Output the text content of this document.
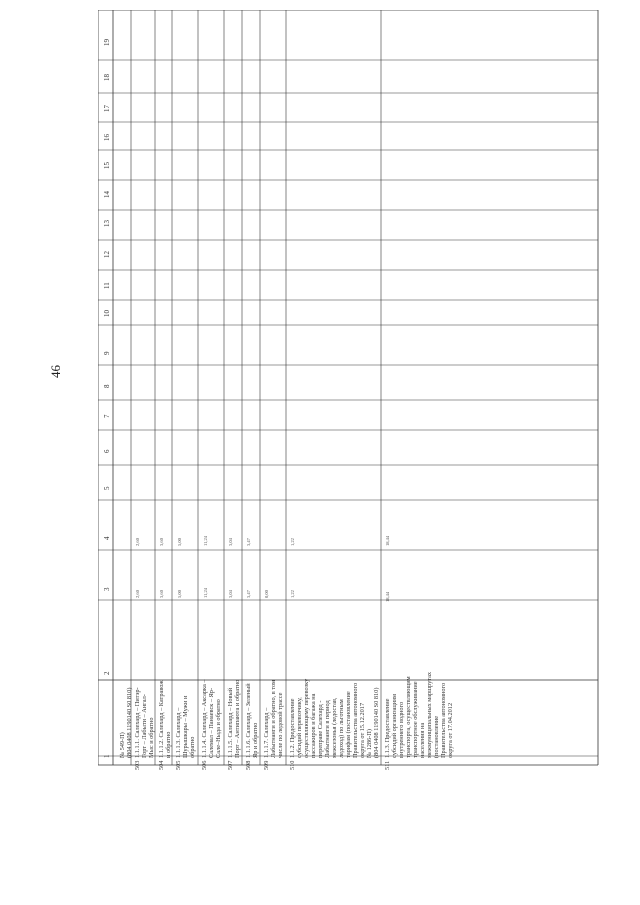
46
1
2
3
4
5
6
7
8
9
10
11
12
13
14
15
16
17
18
19
№ 549-П) (804 0408 1190140 S0 810)
503
1.1.1.1. Салехард – Питэр- Горт – Лабыти – Ангал- Мыс и обратно
2,60
2,60
504
1.1.1.2. Салехард – Катравож и обратно
3,60
3,60
505
1.1.1.3. Салехард – Шурышкары – Мужи и обратно
5,00
5,00
506
1.1.1.4. Салехард – Аксарка – Салемал – Панаевск – Яр- Сале–Ныда и обратно
11,24
11,24
507
1.1.1.5. Салехард – Новый Порт – Антипаюта и обратно
3,04
3,04
508
1.1.1.6. Салехард – Зеленый Яр и обратно
3,47
3,47
509
1.1.1.7. Салехард – Лабытнанги и обратно, в том числе по ледовой трассе
0,00
510
1.1.2. Предоставление субсидий перевозчику, осуществляющему перевозку пассажиров и багажа на переправе Салехард - Лабытнанги в период межсезонья (ледостав, ледоход) по льготным тарифам (постановление Правительства автономного округа от 15.12.2017 № 1286-П) (804 0408 1190140 S0 810)
1,22
1,22
511
1.1.3. Предоставление субсидий организациям внутреннего водного транспорта, осуществляющим транспортное обслуживание населения на межмуниципальных маршрутах (постановление Правительства автономного округа от 17.04.2012
18,44
18,44
